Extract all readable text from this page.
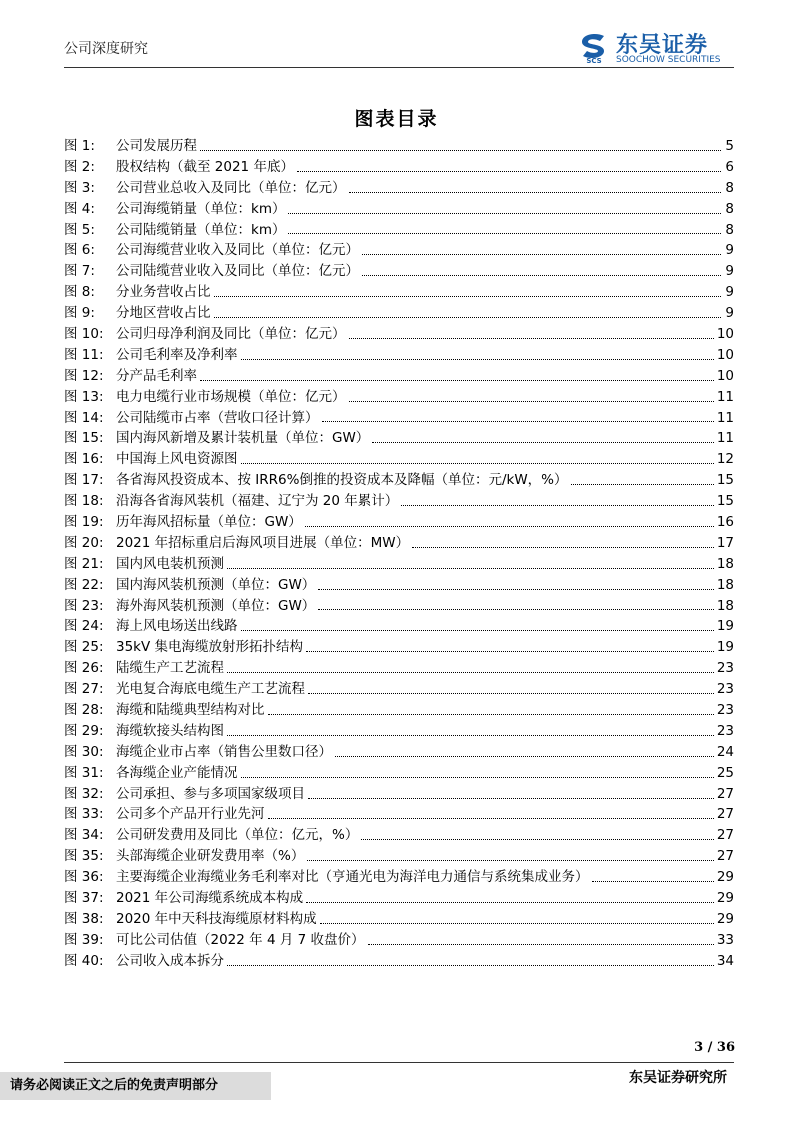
公司深度研究
SCS
东吴证券
SOOCHOW SECURITIES
图表目录
图 1:	公司发展历程	5
图 2:	股权结构（截至 2021 年底）	6
图 3:	公司营业总收入及同比（单位：亿元）	8
图 4:	公司海缆销量（单位：km）	8
图 5:	公司陆缆销量（单位：km）	8
图 6:	公司海缆营业收入及同比（单位：亿元）	9
图 7:	公司陆缆营业收入及同比（单位：亿元）	9
图 8:	分业务营收占比	9
图 9:	分地区营收占比	9
图 10: 公司归母净利润及同比（单位：亿元）	10
图 11: 公司毛利率及净利率	10
图 12: 分产品毛利率	10
图 13: 电力电缆行业市场规模（单位：亿元）	11
图 14: 公司陆缆市占率（营收口径计算）	11
图 15: 国内海风新增及累计装机量（单位：GW）	11
图 16: 中国海上风电资源图	12
图 17: 各省海风投资成本、按 IRR6%倒推的投资成本及降幅（单位：元/kW，%）	15
图 18: 沿海各省海风装机（福建、辽宁为 20 年累计）	15
图 19: 历年海风招标量（单位：GW）	16
图 20: 2021 年招标重启后海风项目进展（单位：MW）	17
图 21: 国内风电装机预测	18
图 22: 国内海风装机预测（单位：GW）	18
图 23: 海外海风装机预测（单位：GW）	18
图 24: 海上风电场送出线路	19
图 25: 35kV 集电海缆放射形拓扑结构	19
图 26: 陆缆生产工艺流程	23
图 27: 光电复合海底电缆生产工艺流程	23
图 28: 海缆和陆缆典型结构对比	23
图 29: 海缆软接头结构图	23
图 30: 海缆企业市占率（销售公里数口径）	24
图 31: 各海缆企业产能情况	25
图 32: 公司承担、参与多项国家级项目	27
图 33: 公司多个产品开行业先河	27
图 34: 公司研发费用及同比（单位：亿元，%）	27
图 35: 头部海缆企业研发费用率（%）	27
图 36: 主要海缆企业海缆业务毛利率对比（亨通光电为海洋电力通信与系统集成业务）	29
图 37: 2021 年公司海缆系统成本构成	29
图 38: 2020 年中天科技海缆原材料构成	29
图 39: 可比公司估值（2022 年 4 月 7 收盘价）	33
图 40: 公司收入成本拆分	34
3 / 36
请务必阅读正文之后的免责声明部分	东吴证券研究所
